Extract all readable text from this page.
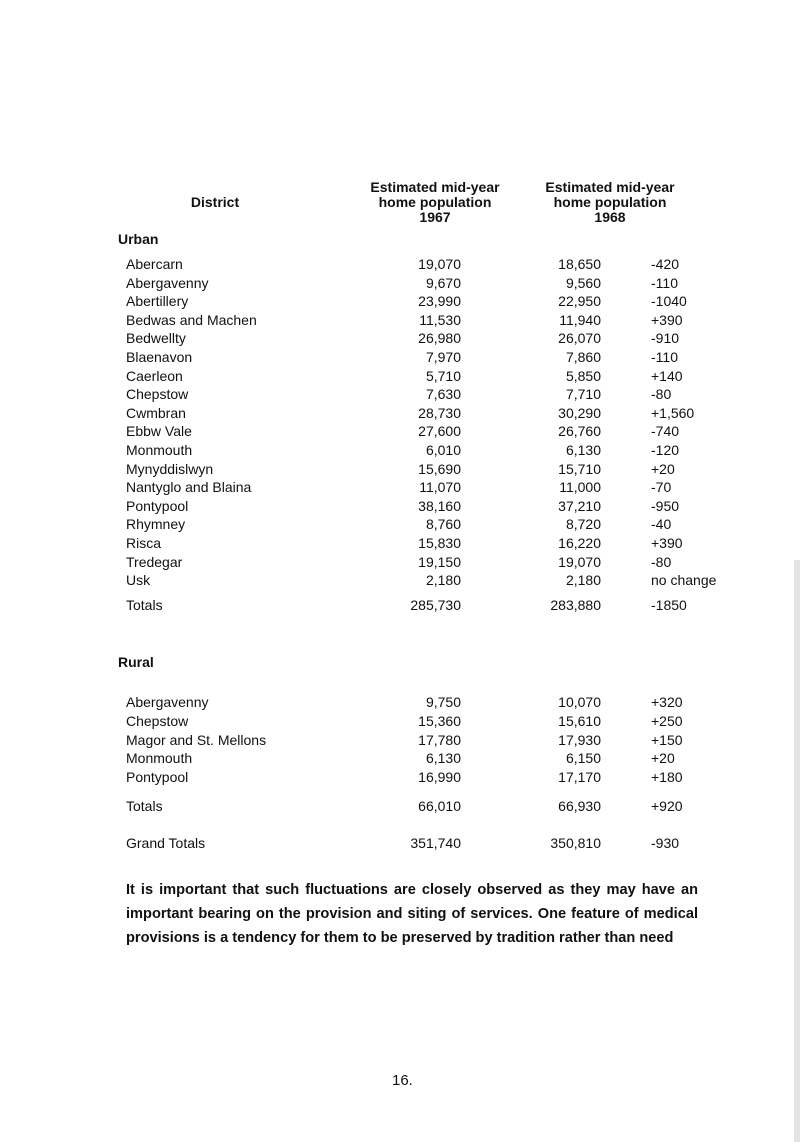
District
Estimated mid-year
home population
1967
Estimated mid-year
home population
1968
Urban
Abercarn	19,070	18,650	-420
Abergavenny	9,670	9,560	-110
Abertillery	23,990	22,950	-1040
Bedwas and Machen	11,530	11,940	+390
Bedwellty	26,980	26,070	-910
Blaenavon	7,970	7,860	-110
Caerleon	5,710	5,850	+140
Chepstow	7,630	7,710	-80
Cwmbran	28,730	30,290	+1,560
Ebbw Vale	27,600	26,760	-740
Monmouth	6,010	6,130	-120
Mynyddislwyn	15,690	15,710	+20
Nantyglo and Blaina	11,070	11,000	-70
Pontypool	38,160	37,210	-950
Rhymney	8,760	8,720	-40
Risca	15,830	16,220	+390
Tredegar	19,150	19,070	-80
Usk	2,180	2,180	no change
Totals	285,730	283,880	-1850
Rural
Abergavenny	9,750	10,070	+320
Chepstow	15,360	15,610	+250
Magor and St. Mellons	17,780	17,930	+150
Monmouth	6,130	6,150	+20
Pontypool	16,990	17,170	+180
Totals	66,010	66,930	+920
Grand Totals	351,740	350,810	-930
It is important that such fluctuations are closely observed as they may have an important bearing on the provision and siting of services. One feature of medical provisions is a tendency for them to be preserved by tradition rather than need
16.
